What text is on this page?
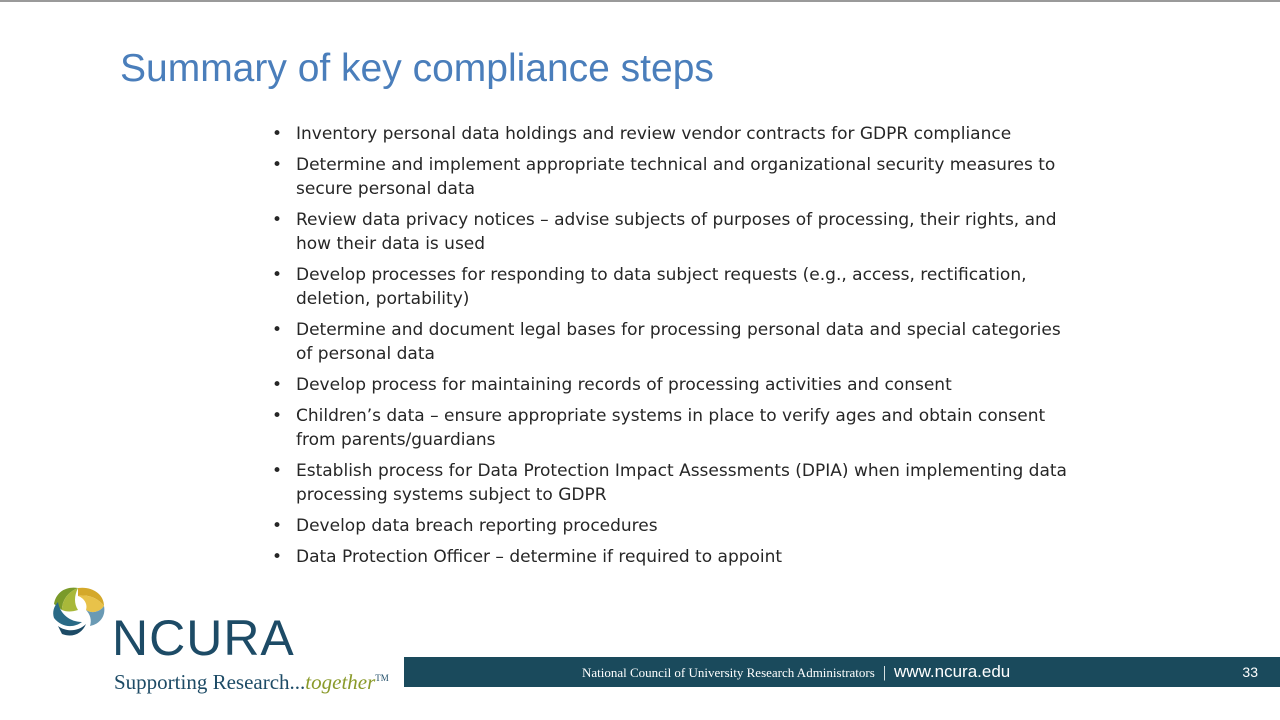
Summary of key compliance steps
• Inventory personal data holdings and review vendor contracts for GDPR compliance
• Determine and implement appropriate technical and organizational security measures to secure personal data
• Review data privacy notices – advise subjects of purposes of processing, their rights, and how their data is used
• Develop processes for responding to data subject requests (e.g., access, rectification, deletion, portability)
• Determine and document legal bases for processing personal data and special categories of personal data
• Develop process for maintaining records of processing activities and consent
• Children’s data – ensure appropriate systems in place to verify ages and obtain consent from parents/guardians
• Establish process for Data Protection Impact Assessments (DPIA) when implementing data processing systems subject to GDPR
• Develop data breach reporting procedures
• Data Protection Officer – determine if required to appoint
NCURA
Supporting Research...together™	National Council of University Research Administrators | www.ncura.edu	33
